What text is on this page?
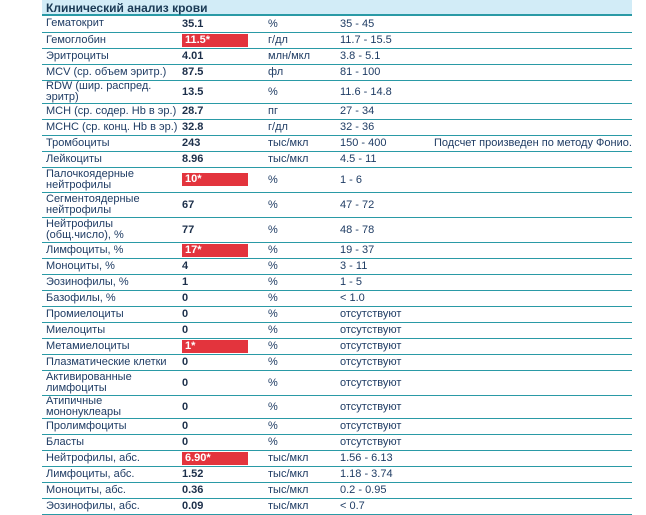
Клинический анализ крови
Гематокрит	35.1	%	35 - 45	
Гемоглобин	11.5*	г/дл	11.7 - 15.5	
Эритроциты	4.01	млн/мкл	3.8 - 5.1	
MCV (ср. объем эритр.)	87.5	фл	81 - 100	
RDW (шир. распред. эритр)	13.5	%	11.6 - 14.8	
MCH (ср. содер. Hb в эр.)	28.7	пг	27 - 34	
MCHC (ср. конц. Hb в эр.)	32.8	г/дл	32 - 36	
Тромбоциты	243	тыс/мкл	150 - 400	Подсчет произведен по методу Фонио.
Лейкоциты	8.96	тыс/мкл	4.5 - 11	
Палочкоядерные нейтрофилы	10*	%	1 - 6	
Сегментоядерные нейтрофилы	67	%	47 - 72	
Нейтрофилы (общ.число), %	77	%	48 - 78	
Лимфоциты, %	17*	%	19 - 37	
Моноциты, %	4	%	3 - 11	
Эозинофилы, %	1	%	1 - 5	
Базофилы, %	0	%	< 1.0	
Промиелоциты	0	%	отсутствуют	
Миелоциты	0	%	отсутствуют	
Метамиелоциты	1*	%	отсутствуют	
Плазматические клетки	0	%	отсутствуют	
Активированные лимфоциты	0	%	отсутствуют	
Атипичные мононуклеары	0	%	отсутствуют	
Пролимфоциты	0	%	отсутствуют	
Бласты	0	%	отсутствуют	
Нейтрофилы, абс.	6.90*	тыс/мкл	1.56 - 6.13	
Лимфоциты, абс.	1.52	тыс/мкл	1.18 - 3.74	
Моноциты, абс.	0.36	тыс/мкл	0.2 - 0.95	
Эозинофилы, абс.	0.09	тыс/мкл	< 0.7	
